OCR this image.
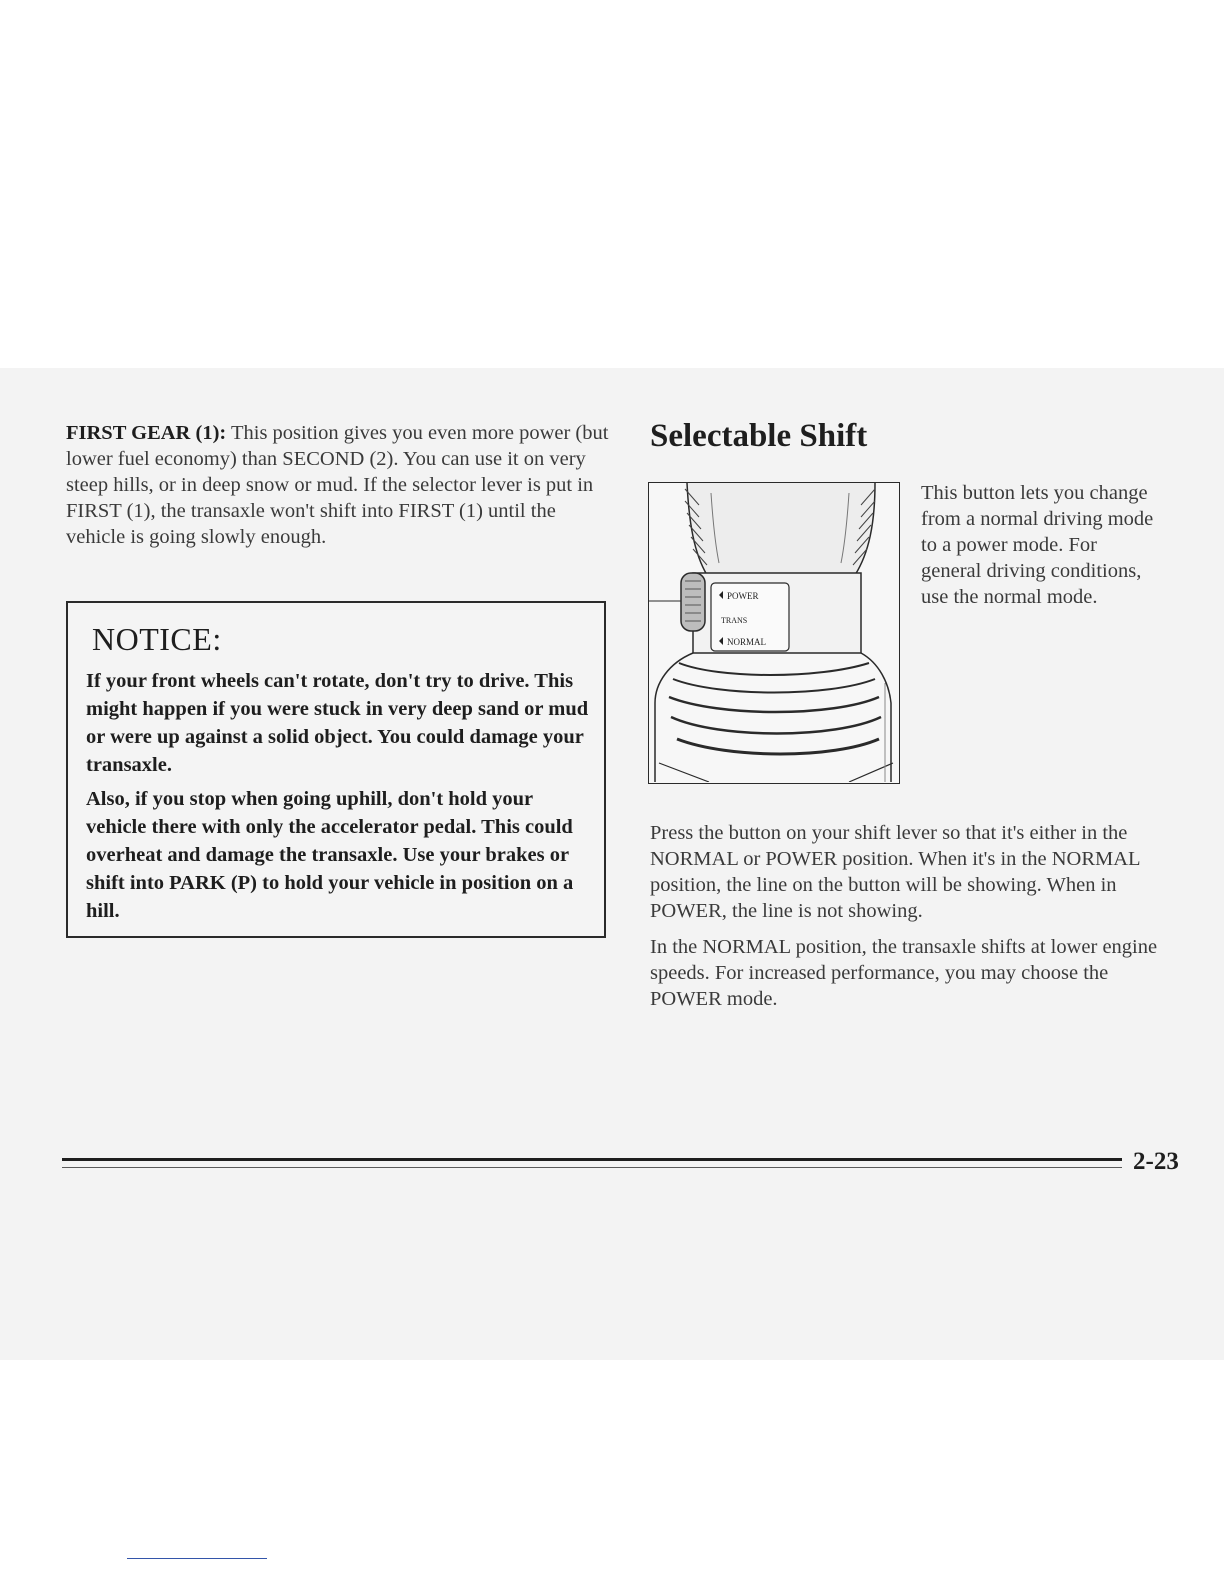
FIRST GEAR (1): This position gives you even more power (but lower fuel economy) than SECOND (2). You can use it on very steep hills, or in deep snow or mud. If the selector lever is put in FIRST (1), the transaxle won't shift into FIRST (1) until the vehicle is going slowly enough.

NOTICE:

If your front wheels can't rotate, don't try to drive. This might happen if you were stuck in very deep sand or mud or were up against a solid object. You could damage your transaxle.

Also, if you stop when going uphill, don't hold your vehicle there with only the accelerator pedal. This could overheat and damage the transaxle. Use your brakes or shift into PARK (P) to hold your vehicle in position on a hill.

Selectable Shift
POWER
TRANS
NORMAL

This button lets you change from a normal driving mode to a power mode. For general driving conditions, use the normal mode.

Press the button on your shift lever so that it's either in the NORMAL or POWER position. When it's in the NORMAL position, the line on the button will be showing. When in POWER, the line is not showing.

In the NORMAL position, the transaxle shifts at lower engine speeds. For increased performance, you may choose the POWER mode.

2-23
